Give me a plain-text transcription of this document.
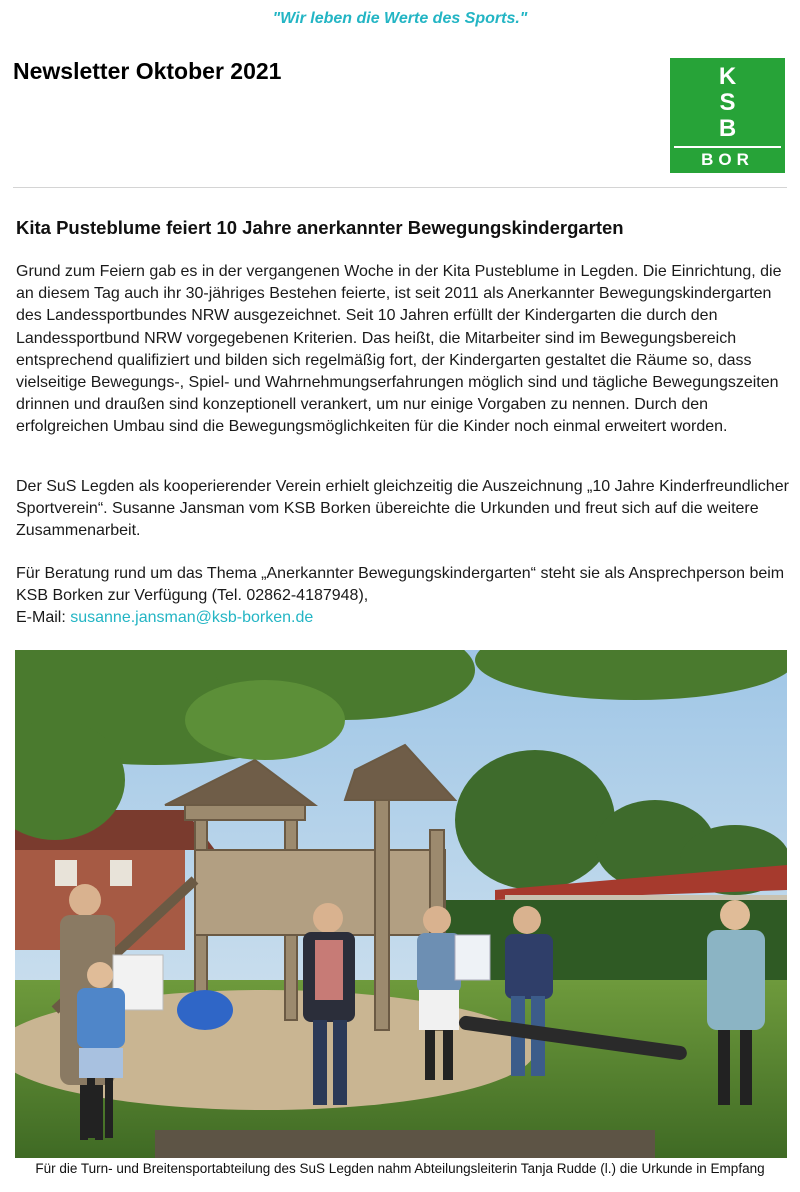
"Wir leben die Werte des Sports."
Newsletter Oktober 2021	K
S
B
BOR
Kita Pusteblume feiert 10 Jahre anerkannter Bewegungskindergarten

Grund zum Feiern gab es in der vergangenen Woche in der Kita Pusteblume in Legden. Die Einrichtung, die an diesem Tag auch ihr 30-jähriges Bestehen feierte, ist seit 2011 als Anerkannter Bewegungskindergarten des Landessportbundes NRW ausgezeichnet. Seit 10 Jahren erfüllt der Kindergarten die durch den Landessportbund NRW vorgegebenen Kriterien. Das heißt, die Mitarbeiter sind im Bewegungsbereich entsprechend qualifiziert und bilden sich regelmäßig fort, der Kindergarten gestaltet die Räume so, dass vielseitige Bewegungs-, Spiel- und Wahrnehmungserfahrungen möglich sind und tägliche Bewegungszeiten drinnen und draußen sind konzeptionell verankert, um nur einige Vorgaben zu nennen. Durch den erfolgreichen Umbau sind die Bewegungsmöglichkeiten für die Kinder noch einmal erweitert worden.

Der SuS Legden als kooperierender Verein erhielt gleichzeitig die Auszeichnung „10 Jahre Kinderfreundlicher Sportverein“. Susanne Jansman vom KSB Borken übereichte die Urkunden und freut sich auf die weitere Zusammenarbeit.

Für Beratung rund um das Thema „Anerkannter Bewegungskindergarten“ steht sie als Ansprechperson beim KSB Borken zur Verfügung (Tel. 02862-4187948),
E-Mail: susanne.jansman@ksb-borken.de

Für die Turn- und Breitensportabteilung des SuS Legden nahm Abteilungsleiterin Tanja Rudde (l.) die Urkunde in Empfang
